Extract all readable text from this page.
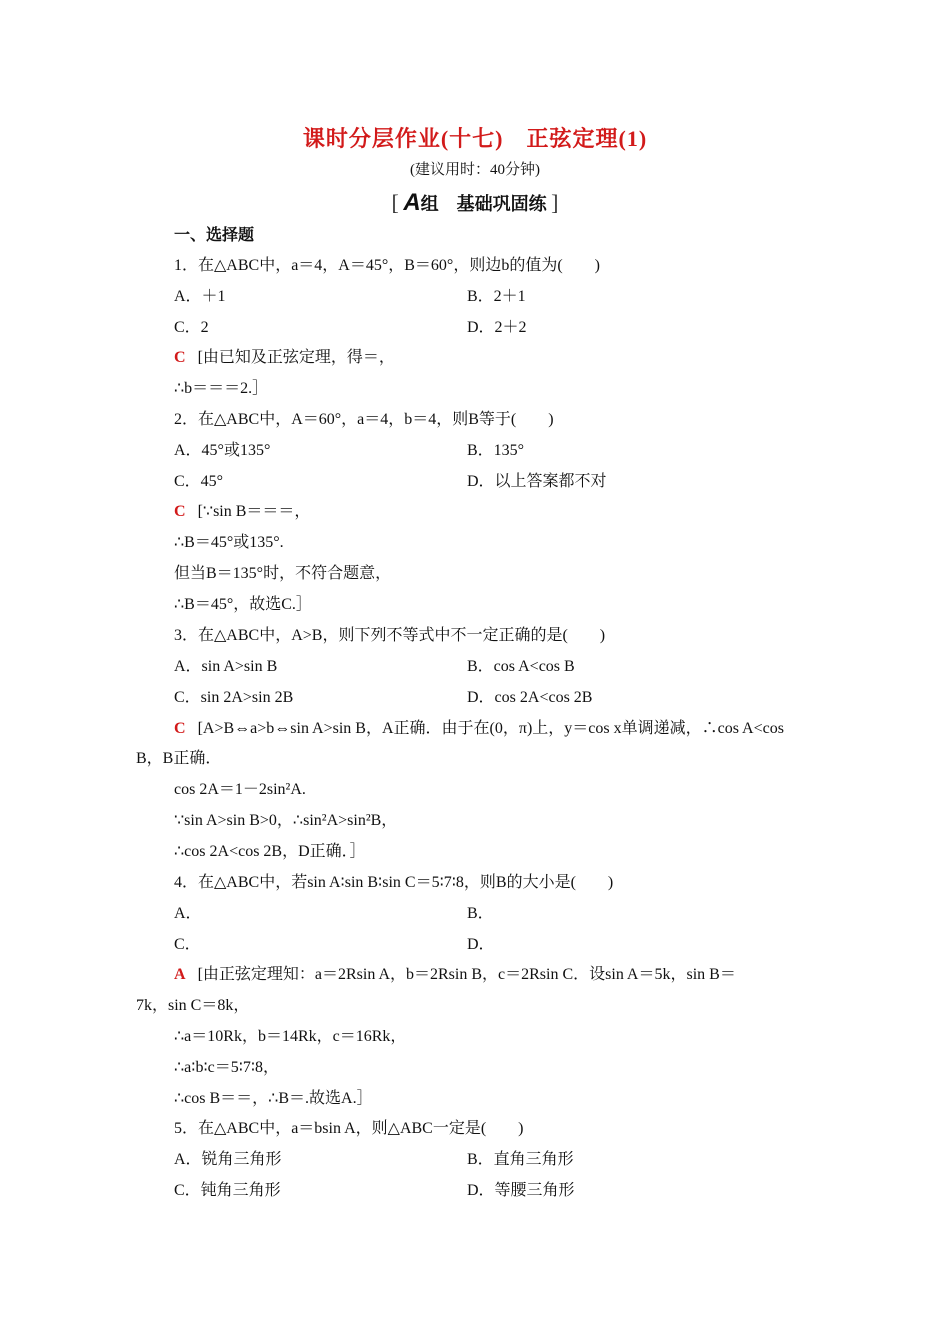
课时分层作业(十七)　正弦定理(1)
(建议用时：40分钟)
[ A组　基础巩固练 ]
一、选择题
1．在△ABC中，a＝4，A＝45°，B＝60°，则边b的值为(　　)
A．＋1	B．2＋1
C．2	D．2＋2
C [由已知及正弦定理，得＝，
∴b＝＝＝2.］
2．在△ABC中，A＝60°，a＝4，b＝4，则B等于(　　)
A．45°或135°	B．135°
C．45°	D．以上答案都不对
C [∵sin B＝＝＝，
∴B＝45°或135°.
但当B＝135°时，不符合题意，
∴B＝45°，故选C.］
3．在△ABC中，A>B，则下列不等式中不一定正确的是(　　)
A．sin A>sin B	B．cos A<cos B
C．sin 2A>sin 2B	D．cos 2A<cos 2B
C [A>B⇔a>b⇔sin A>sin B，A正确．由于在(0，π)上，y＝cos x单调递减，∴cos A<cos
B，B正确．
cos 2A＝1－2sin²A.
∵sin A>sin B>0，∴sin²A>sin²B，
∴cos 2A<cos 2B，D正确．］
4．在△ABC中，若sin A∶sin B∶sin C＝5∶7∶8，则B的大小是(　　)
A．	B．
C．	D．
A [由正弦定理知：a＝2Rsin A，b＝2Rsin B，c＝2Rsin C．设sin A＝5k，sin B＝
7k，sin C＝8k，
∴a＝10Rk，b＝14Rk，c＝16Rk，
∴a∶b∶c＝5∶7∶8，
∴cos B＝＝，∴B＝.故选A.］
5．在△ABC中，a＝bsin A，则△ABC一定是(　　)
A．锐角三角形	B．直角三角形
C．钝角三角形	D．等腰三角形
